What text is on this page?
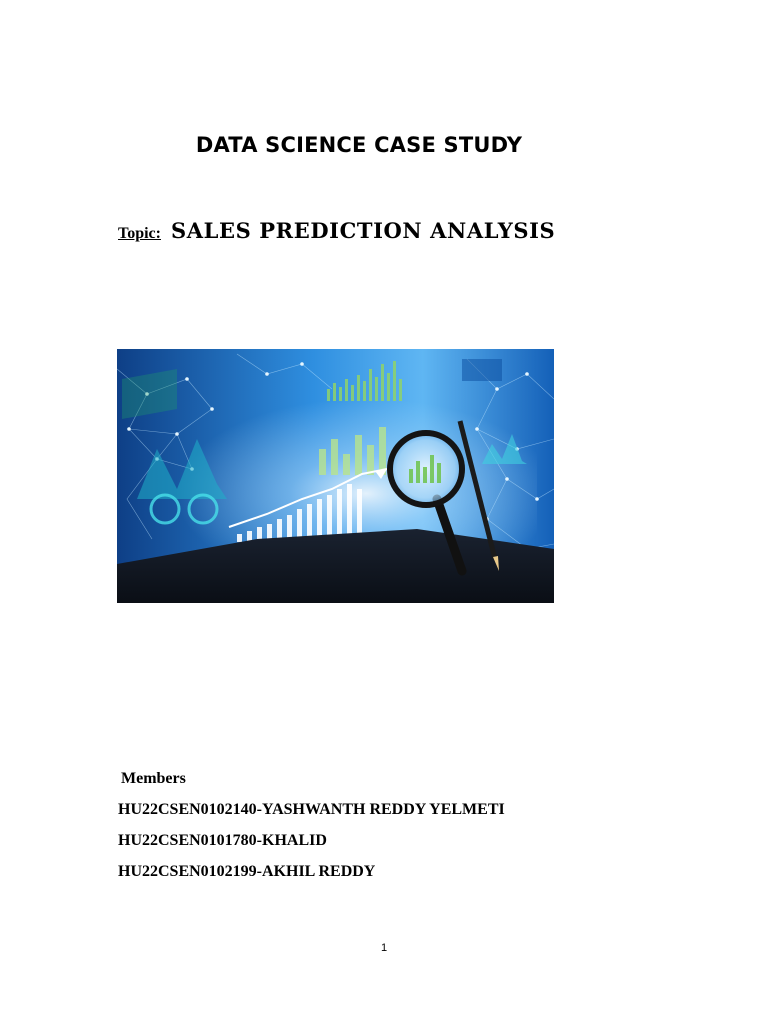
DATA SCIENCE CASE STUDY
Topic: SALES PREDICTION ANALYSIS
Members
HU22CSEN0102140-YASHWANTH REDDY YELMETI
HU22CSEN0101780-KHALID
HU22CSEN0102199-AKHIL REDDY
1
